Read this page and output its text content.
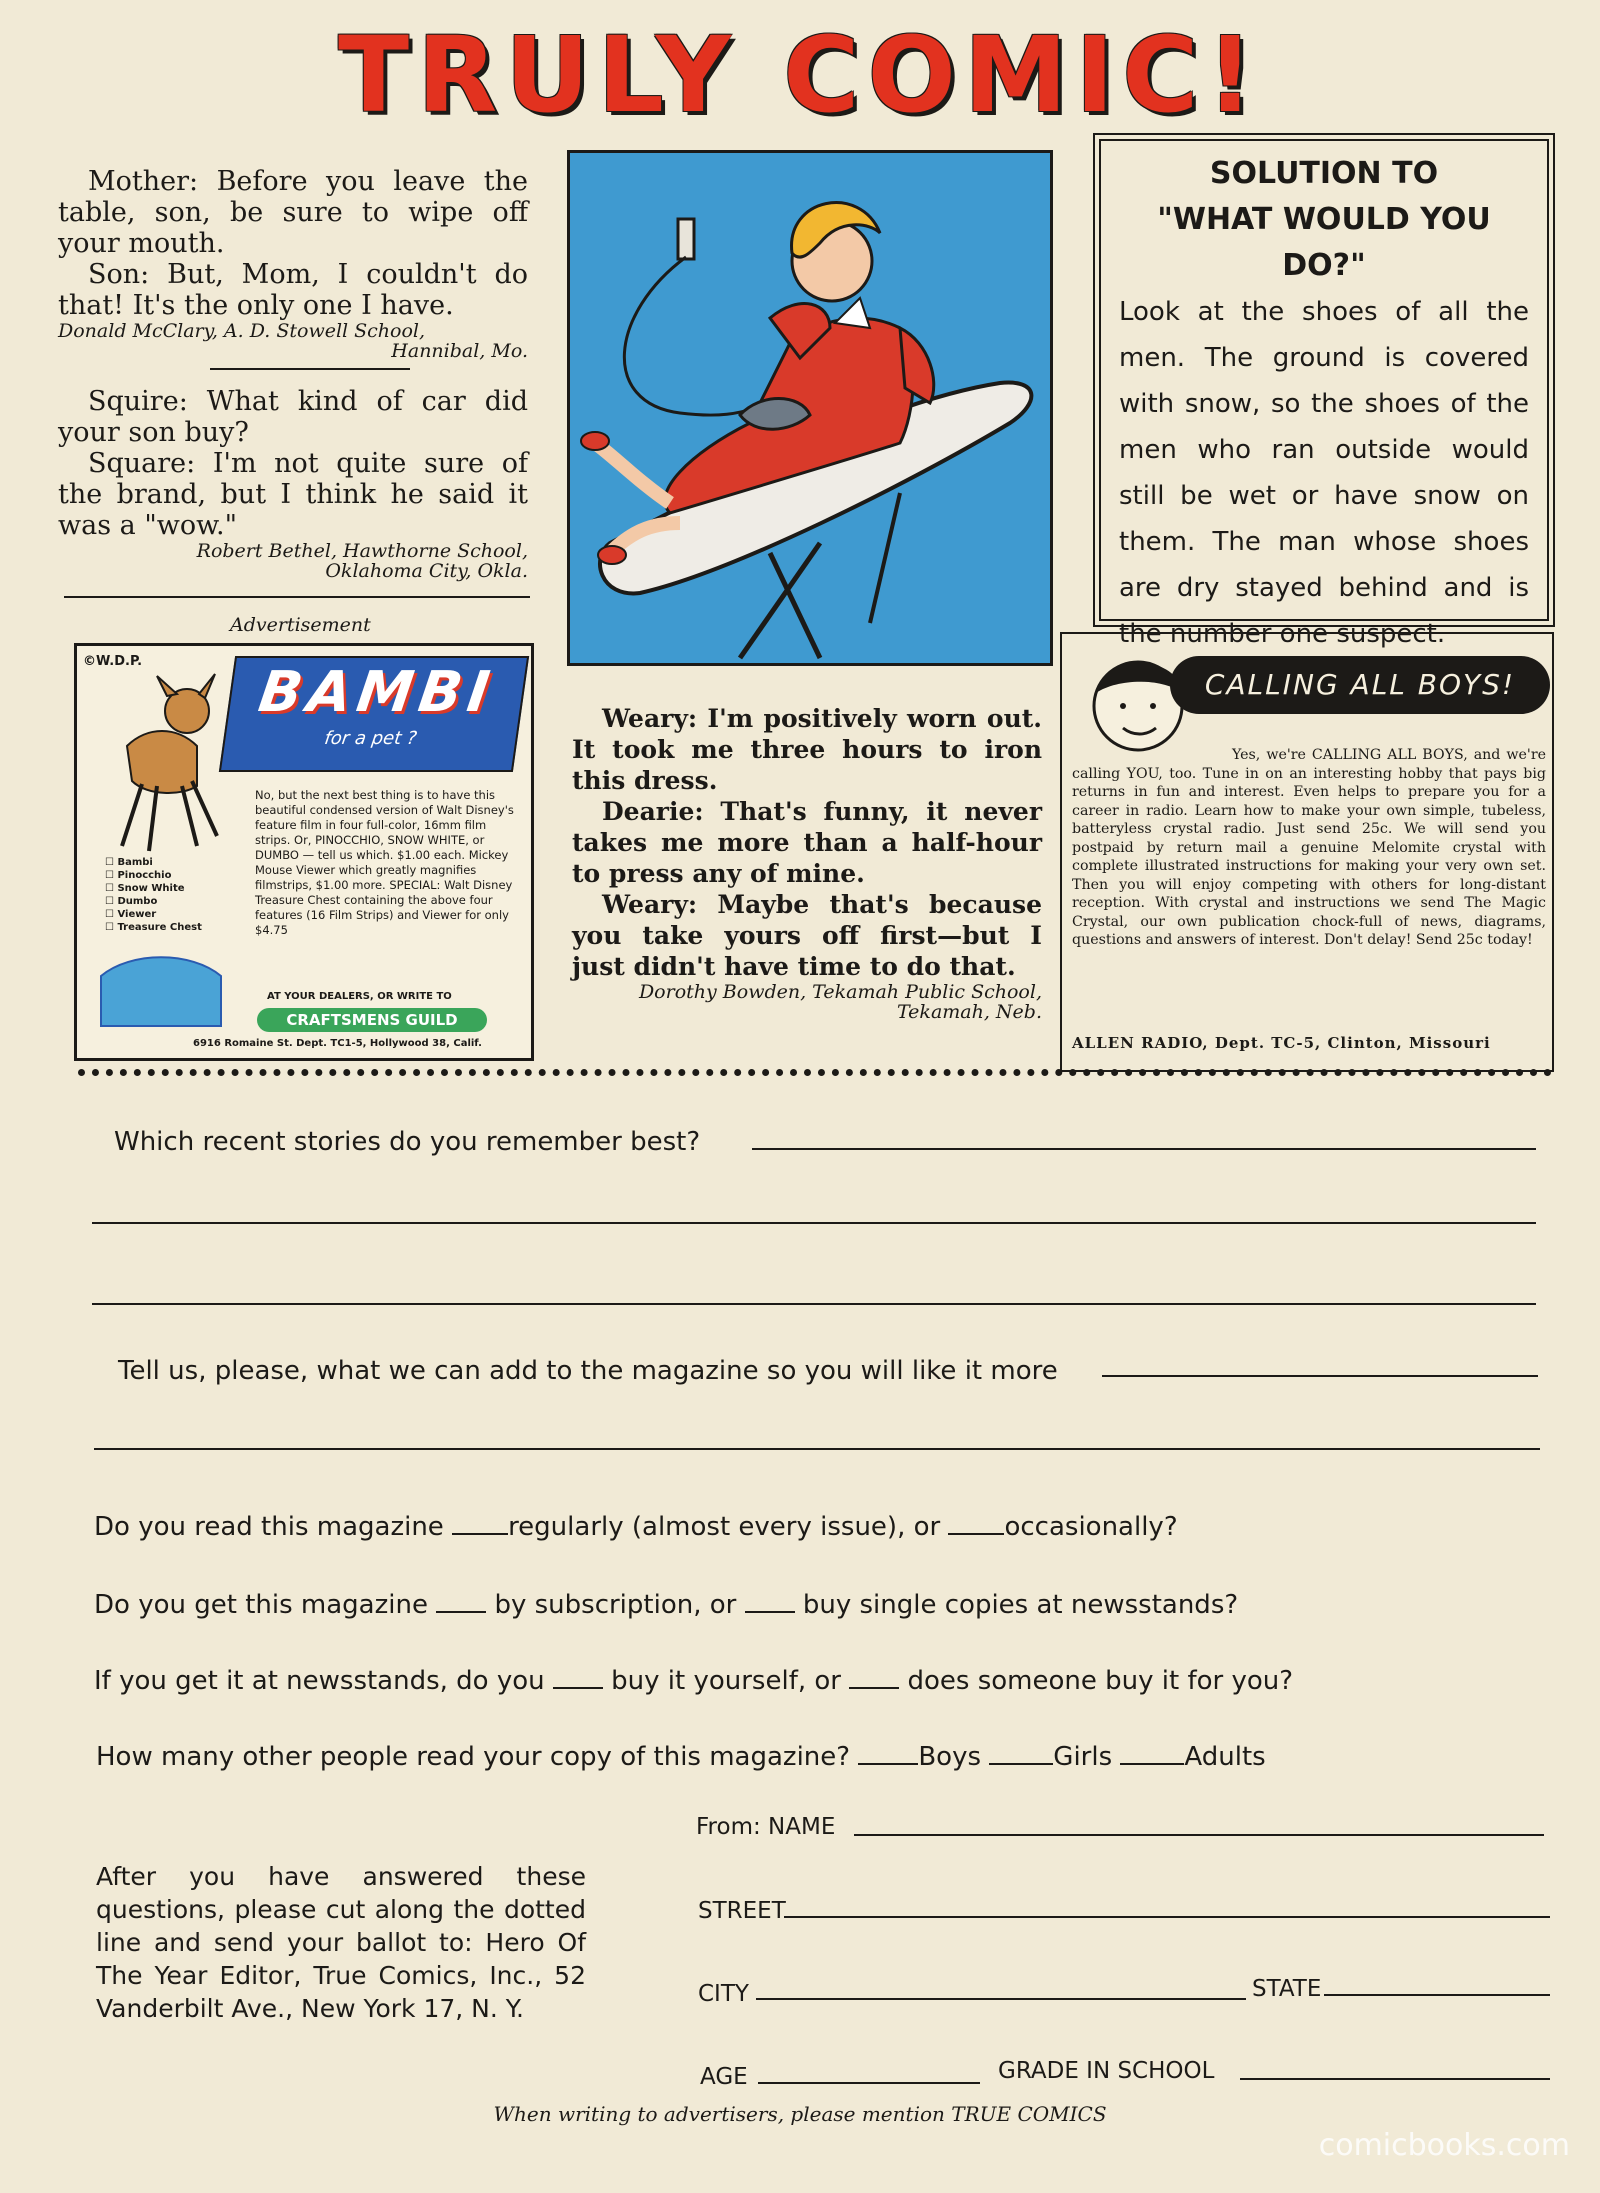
TRULY COMIC!

Mother: Before you leave the table, son, be sure to wipe off your mouth.

Son: But, Mom, I couldn't do that! It's the only one I have.

Donald McClary, A. D. Stowell School,
Hannibal, Mo.

Squire: What kind of car did your son buy?

Square: I'm not quite sure of the brand, but I think he said it was a "wow."

Robert Bethel, Hawthorne School,
Oklahoma City, Okla.
SOLUTION TO
"WHAT WOULD YOU DO?"
Look at the shoes of all the men. The ground is covered with snow, so the shoes of the men who ran outside would still be wet or have snow on them. The man whose shoes are dry stayed behind and is the number one suspect.
Advertisement
©W.D.P.	BAMBI
for a pet ?
No, but the next best thing is to have this beautiful condensed version of Walt Disney's feature film in four full-color, 16mm film strips. Or, PINOCCHIO, SNOW WHITE, or DUMBO — tell us which. $1.00 each. Mickey Mouse Viewer which greatly magnifies filmstrips, $1.00 more. SPECIAL: Walt Disney Treasure Chest containing the above four features (16 Film Strips) and Viewer for only $4.75
☐ Bambi
☐ Pinocchio
☐ Snow White
☐ Dumbo
☐ Viewer
☐ Treasure Chest
AT YOUR DEALERS, OR WRITE TO
CRAFTSMENS GUILD
6916 Romaine St. Dept. TC1-5, Hollywood 38, Calif.

Weary: I'm positively worn out. It took me three hours to iron this dress.

Dearie: That's funny, it never takes me more than a half-hour to press any of mine.

Weary: Maybe that's because you take yours off first—but I just didn't have time to do that.

Dorothy Bowden, Tekamah Public School,
Tekamah, Neb.
CALLING ALL BOYS!
Yes, we're CALLING ALL BOYS, and we're calling YOU, too. Tune in on an interesting hobby that pays big returns in fun and interest. Even helps to prepare you for a career in radio. Learn how to make your own simple, tubeless, batteryless crystal radio. Just send 25c. We will send you postpaid by return mail a genuine Melomite crystal with complete illustrated instructions for making your very own set. Then you will enjoy competing with others for long-distant reception. With crystal and instructions we send The Magic Crystal, our own publication chock-full of news, diagrams, questions and answers of interest. Don't delay! Send 25c today!
ALLEN RADIO, Dept. TC-5, Clinton, Missouri
Which recent stories do you remember best?
Tell us, please, what we can add to the magazine so you will like it more
Do you read this magazine regularly (almost every issue), or occasionally?
Do you get this magazine	by subscription, or	buy single copies at newsstands?
If you get it at newsstands, do you	buy it yourself, or	does someone buy it for you?
How many other people read your copy of this magazine?	Boys	Girls	Adults
After you have answered these questions, please cut along the dotted line and send your ballot to: Hero Of The Year Editor, True Comics, Inc., 52 Vanderbilt Ave., New York 17, N. Y.
From: NAME
STREET
CITY	STATE
AGE	GRADE IN SCHOOL
When writing to advertisers, please mention TRUE COMICS
comicbooks.com
